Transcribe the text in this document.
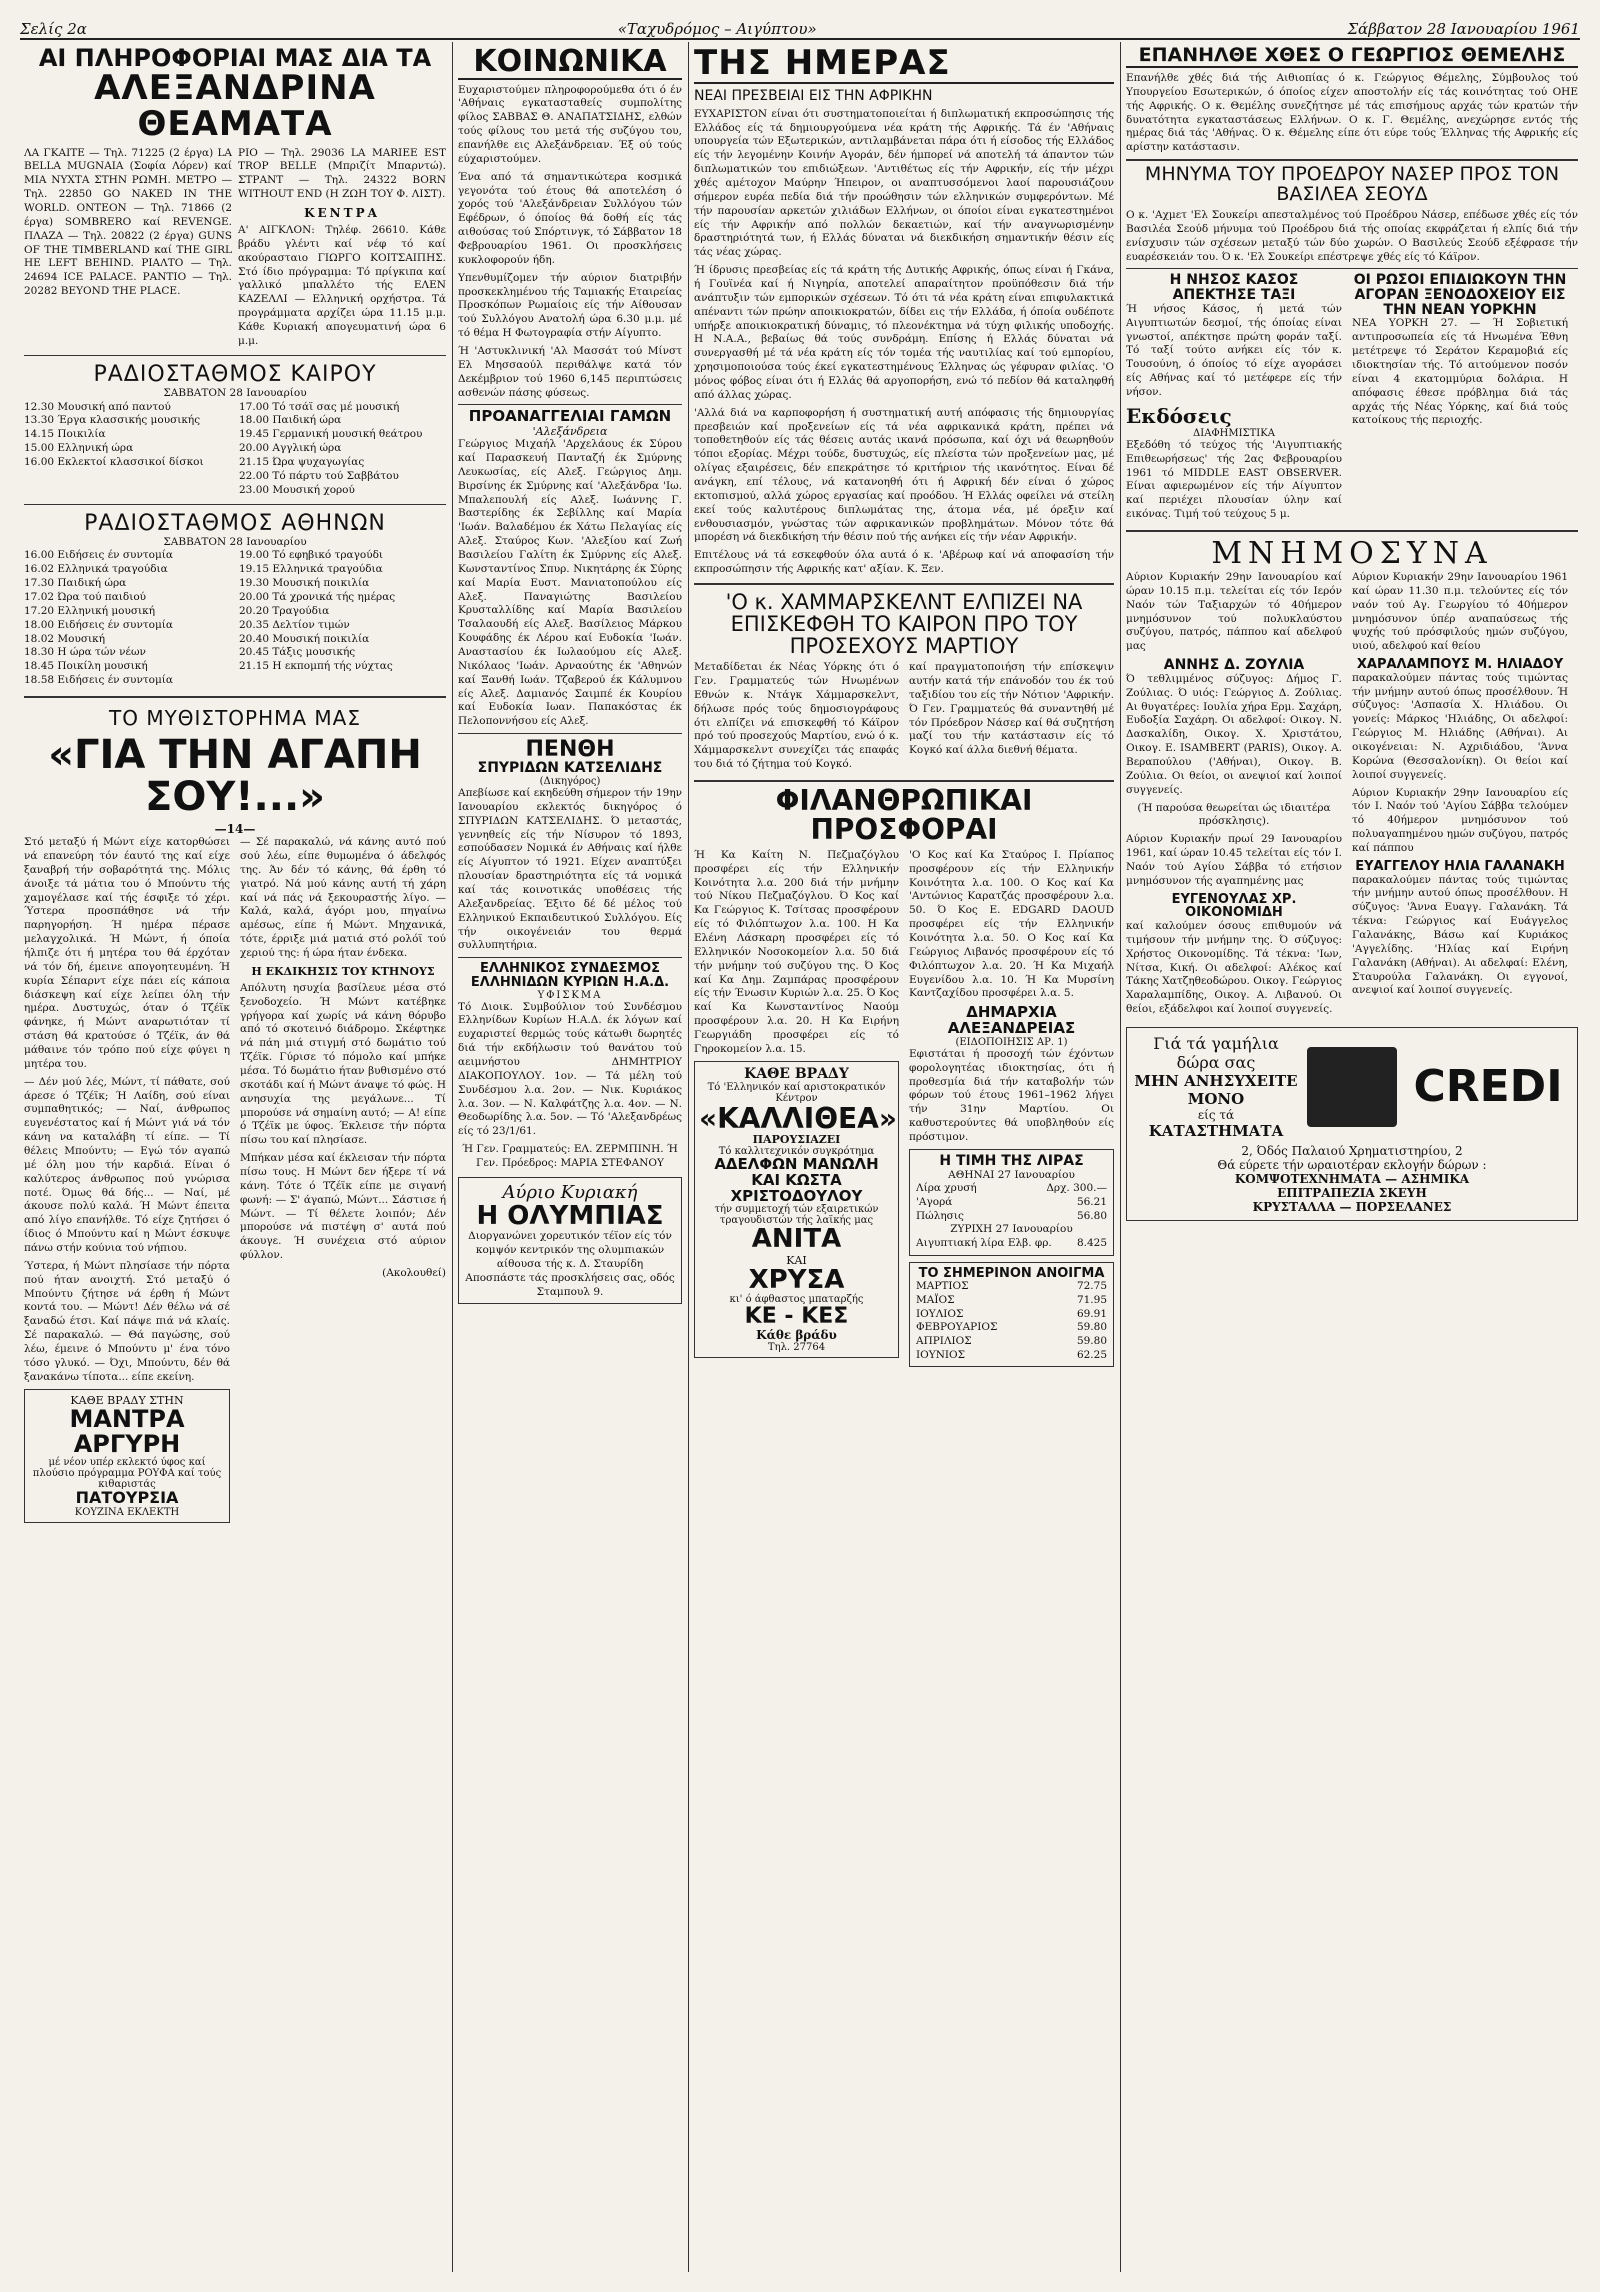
Σελίς 2α	«Ταχυδρόμος – Αιγύπτου»	Σάββατον 28 Ιανουαρίου 1961
ΑΙ ΠΛΗΡΟΦΟΡΙΑΙ ΜΑΣ ΔΙΑ ΤΑ
ΑΛΕΞΑΝΔΡΙΝΑ ΘΕΑΜΑΤΑ
ΛΑ ΓΚΑΙΤΕ — Τηλ. 71225 (2 έργα) LA BELLA MUGNAIA (Σοφία Λόρεν) καί ΜΙΑ ΝΥΧΤΑ ΣΤΗΝ ΡΩΜΗ. ΜΕΤΡΟ — Τηλ. 22850 GO NAKED IN THE WORLD. ΟΝΤΕΟΝ — Τηλ. 71866 (2 έργα) SOMBRERO καί REVENGE. ΠΛΑΖΑ — Τηλ. 20822 (2 έργα) GUNS OF THE TIMBERLAND καί THE GIRL HE LEFT BEHIND. ΡΙΑΛΤΟ — Τηλ. 24694 ICE PALACE. ΡΑΝΤΙΟ — Τηλ. 20282 BEYOND THE PLACE.
ΡΙΟ — Τηλ. 29036 LA MARIEE EST TROP BELLE (Μπριζίτ Μπαρντώ). ΣΤΡΑΝΤ — Τηλ. 24322 BORN WITHOUT END (Η ΖΩΗ ΤΟΥ Φ. ΛΙΣΤ).
ΚΕΝΤΡΑ
Α' ΑΙΓΚΛΟΝ: Τηλέφ. 26610. Κάθε βράδυ γλέντι καί νέφ τό καί ακούρασταιο ΓΙΩΡΓΟ ΚΟΙΤΣΑΙΠΗΣ. Στό ίδιο πρόγραμμα: Τό πρίγκιπα καί γαλλικό μπαλλέτο τής ΕΛΕΝ ΚΑΖΕΛΛΙ — Ελληνική ορχήστρα. Τά προγράμματα αρχίζει ώρα 11.15 μ.μ. Κάθε Κυριακή απογευματινή ώρα 6 μ.μ.
ΡΑΔΙΟΣΤΑΘΜΟΣ ΚΑΙΡΟΥ
ΣΑΒΒΑΤΟΝ 28 Ιανουαρίου
12.30 Μουσική από παντού
13.30 Έργα κλασσικής μουσικής
14.15 Ποικιλία
15.00 Ελληνική ώρα
16.00 Εκλεκτοί κλασσικοί δίσκοι
17.00 Τό τσάϊ σας μέ μουσική
18.00 Παιδική ώρα
19.45 Γερμανική μουσική θεάτρου
20.00 Αγγλική ώρα
21.15 Ώρα ψυχαγωγίας
22.00 Τό πάρτυ τού Σαββάτου
23.00 Μουσική χορού
ΡΑΔΙΟΣΤΑΘΜΟΣ ΑΘΗΝΩΝ
ΣΑΒΒΑΤΟΝ 28 Ιανουαρίου
16.00 Ειδήσεις έν συντομία
16.02 Ελληνικά τραγούδια
17.30 Παιδική ώρα
17.02 Ώρα τού παιδιού
17.20 Ελληνική μουσική
18.00 Ειδήσεις έν συντομία
18.02 Μουσική
18.30 Η ώρα τών νέων
18.45 Ποικίλη μουσική
18.58 Ειδήσεις έν συντομία
19.00 Τό εφηβικό τραγούδι
19.15 Ελληνικά τραγούδια
19.30 Μουσική ποικιλία
20.00 Τά χρονικά τής ημέρας
20.20 Τραγούδια
20.35 Δελτίον τιμών
20.40 Μουσική ποικιλία
20.45 Τάξις μουσικής
21.15 Η εκπομπή τής νύχτας
ΤΟ ΜΥΘΙΣΤΟΡΗΜΑ ΜΑΣ
«ΓΙΑ ΤΗΝ ΑΓΑΠΗ ΣΟΥ!...»
—14—

Στό μεταξύ ή Μώντ είχε κατορθώσει νά επανεύρη τόν έαυτό της καί είχε ξαναβρή τήν σοβαρότητά της. Μόλις άνοιξε τά μάτια του ό Μπούντυ τής χαμογέλασε καί τής έσφιξε τό χέρι. Ύστερα προσπάθησε νά τήν παρηγορήση. Ή ημέρα πέρασε μελαγχολικά. Ή Μώντ, ή όποία ήλπιζε ότι ή μητέρα του θά έρχόταν νά τόν δή, έμεινε απογοητευμένη. Ή κυρία Σέπαρντ είχε πάει είς κάποια διάσκεψη καί είχε λείπει όλη τήν ημέρα. Δυστυχώς, όταν ό Τζέϊκ φάνηκε, ή Μώντ αναρωτιόταν τί στάση θά κρατούσε ό Τζέϊκ, άν θά μάθαινε τόν τρόπο πού είχε φύγει η μητέρα του.

— Δέν μού λές, Μώντ, τί πάθατε, σού άρεσε ό Τζέϊκ; Ή Λαίδη, σού είναι συμπαθητικός; — Ναί, άνθρωπος ευγενέστατος καί ή Μώντ γιά νά τόν κάνη να καταλάβη τί είπε. — Τί θέλεις Μπούντυ; — Εγώ τόν αγαπώ μέ όλη μου τήν καρδιά. Είναι ό καλύτερος άνθρωπος πού γνώρισα ποτέ. Όμως θά δής... — Ναί, μέ άκουσε πολύ καλά. Ή Μώντ έπειτα από λίγο επανήλθε. Τό είχε ζητήσει ό ίδιος ό Μπούντυ καί η Μώντ έσκυψε πάνω στήν κούνια τού νήπιου.

Ύστερα, ή Μώντ πλησίασε τήν πόρτα πού ήταν ανοιχτή. Στό μεταξύ ό Μπούντυ ζήτησε νά έρθη ή Μώντ κοντά του. — Μώντ! Δέν θέλω νά σέ ξαναδώ έτσι. Καί πάψε πιά νά κλαίς. Σέ παρακαλώ. — Θά παγώσης, σού λέω, έμεινε ό Μπούντυ μ' ένα τόνο τόσο γλυκό. — Όχι, Μπούντυ, δέν θά ξανακάνω τίποτα... είπε εκείνη.

ΚΑΘΕ ΒΡΑΔΥ ΣΤΗΝ
ΜΑΝΤΡΑ ΑΡΓΥΡΗ
μέ νέον υπέρ εκλεκτό ύφος καί πλούσιο πρόγραμμα ΡΟΥΦΑ καί τούς κιθαριστάς
ΠΑΤΟΥΡΣΙΑ
ΚΟΥΖΙΝΑ ΕΚΛΕΚΤΗ

— Σέ παρακαλώ, νά κάνης αυτό πού σού λέω, είπε θυμωμένα ό άδελφός της. Άν δέν τό κάνης, θά έρθη τό γιατρό. Νά μού κάνης αυτή τή χάρη καί νά πάς νά ξεκουραστής λίγο. — Καλά, καλά, άγόρι μου, πηγαίνω αμέσως, είπε ή Μώντ. Μηχανικά, τότε, έρριξε μιά ματιά στό ρολόϊ τού χεριού της: ή ώρα ήταν ένδεκα.

Η ΕΚΔΙΚΗΣΙΣ ΤΟΥ ΚΤΗΝΟΥΣ

Απόλυτη ησυχία βασίλευε μέσα στό ξενοδοχείο. Ή Μώντ κατέβηκε γρήγορα καί χωρίς νά κάνη θόρυβο από τό σκοτεινό διάδρομο. Σκέφτηκε νά πάη μιά στιγμή στό δωμάτιο τού Τζέϊκ. Γύρισε τό πόμολο καί μπήκε μέσα. Τό δωμάτιο ήταν βυθισμένο στό σκοτάδι καί ή Μώντ άναψε τό φώς. Η ανησυχία της μεγάλωνε... Τί μπορούσε νά σημαίνη αυτό; — Α! είπε ό Τζέϊκ με ύφος. Έκλεισε τήν πόρτα πίσω του καί πλησίασε.

Μπήκαν μέσα καί έκλεισαν τήν πόρτα πίσω τους. Η Μώντ δεν ήξερε τί νά κάνη. Τότε ό Τζέϊκ είπε με σιγανή φωνή: — Σ' άγαπώ, Μώντ... Σάστισε ή Μώντ. — Τί θέλετε λοιπόν; Δέν μπορούσε νά πιστέψη σ' αυτά πού άκουγε. Ή συνέχεια στό αύριον φύλλον.

(Ακολουθεί)
ΚΟΙΝΩΝΙΚΑ

Ευχαριστούμεν πληροφορούμεθα ότι ό έν 'Αθήναις εγκατασταθείς συμπολίτης φίλος ΣΑΒΒΑΣ Θ. ΑΝΑΠΑΤΣΙΔΗΣ, ελθών τούς φίλους του μετά τής συζύγου του, επανήλθε εις Αλεξάνδρειαν. Έξ ού τούς εύχαριστούμεν.

Ένα από τά σημαντικώτερα κοσμικά γεγονότα τού έτους θά αποτελέση ό χορός τού 'Αλεξάνδρειαν Συλλόγου τών Εφέδρων, ό όποίος θά δοθή είς τάς αιθούσας τού Σπόρτινγκ, τό Σάββατον 18 Φεβρουαρίου 1961. Οι προσκλήσεις κυκλοφορούν ήδη.

Υπενθυμίζομεν τήν αύριον διατριβήν προσκεκλημένου τής Ταμιακής Εταιρείας Προσκόπων Ρωμαίοις είς τήν Αίθουσαν τού Συλλόγου Ανατολή ώρα 6.30 μ.μ. μέ τό θέμα Η Φωτογραφία στήν Αίγυπτο.

Ή 'Αστυκλινική 'Αλ Μασσάτ τού Μίνστ Ελ Μησσαούλ περιθάλψε κατά τόν Δεκέμβριον τού 1960 6,145 περιπτώσεις ασθενών πάσης φύσεως.

ΠΡΟΑΝΑΓΓΕΛΙΑΙ ΓΑΜΩΝ
'Αλεξάνδρεια

Γεώργιος Μιχαήλ 'Αρχελάους έκ Σύρου καί Παρασκευή Πανταζή έκ Σμύρνης Λευκωσίας, είς Αλεξ. Γεώργιος Δημ. Βιρσίνης έκ Σμύρνης καί 'Αλεξάνδρα 'Ιω. Μπαλεπουλή είς Αλεξ. Ιωάννης Γ. Βαστερίδης έκ Σεβίλλης καί Μαρία 'Ιωάν. Βαλαδέμου έκ Χάτω Πελαγίας είς Αλεξ. Σταύρος Κων. 'Αλεξίου καί Ζωή Βασιλείου Γαλίτη έκ Σμύρνης είς Αλεξ. Κωνσταντίνος Σπυρ. Νικητάρης έκ Σύρης καί Μαρία Ευστ. Μανιατοπούλου είς Αλεξ. Παναγιώτης Βασιλείου Κρυσταλλίδης καί Μαρία Βασιλείου Τσαλαουδή είς Αλεξ. Βασίλειος Μάρκου Κουφάδης έκ Λέρου καί Ευδοκία 'Ιωάν. Αναστασίου έκ Ιωλαούμου είς Αλεξ. Νικόλαος 'Ιωάν. Αρναούτης έκ 'Αθηνών καί Ξανθή Ιωάν. Τζαβερού έκ Κάλυμνου είς Αλεξ. Δαμιανός Σαιμπέ έκ Κουρίου καί Ευδοκία Ιωαν. Παπακόστας έκ Πελοποννήσου είς Αλεξ.

ΠΕΝΘΗ
ΣΠΥΡΙΔΩΝ ΚΑΤΣΕΛΙΔΗΣ
(Δικηγόρος)

Απεβίωσε καί εκηδεύθη σήμερον τήν 19ην Ιανουαρίου εκλεκτός δικηγόρος ό ΣΠΥΡΙΔΩΝ ΚΑΤΣΕΛΙΔΗΣ. Ό μεταστάς, γεννηθείς είς τήν Νίσυρον τό 1893, εσπούδασεν Νομικά έν Αθήναις καί ήλθε είς Αίγυπτον τό 1921. Είχεν αναπτύξει πλουσίαν δραστηριότητα είς τά νομικά καί τάς κοινοτικάς υποθέσεις τής Αλεξανδρείας. Έξιτο δέ δέ μέλος τού Ελληνικού Εκπαιδευτικού Συλλόγου. Είς τήν οικογένειάν του θερμά συλλυπητήρια.

ΕΛΛΗΝΙΚΟΣ ΣΥΝΔΕΣΜΟΣ ΕΛΛΗΝΙΔΩΝ ΚΥΡΙΩΝ Η.Α.Δ.
ΥΦΙΣΚΜΑ

Τό Διοικ. Συμβούλιον τού Συνδέσμου Ελληνίδων Κυρίων Η.Α.Δ. έκ λόγων καί ευχαριστεί θερμώς τούς κάτωθι δωρητές διά τήν εκδήλωσιν τού θανάτου τού αειμνήστου ΔΗΜΗΤΡΙΟΥ ΔΙΑΚΟΠΟΥΛΟΥ. 1ον. — Τά μέλη τού Συνδέσμου λ.α. 2ον. — Νικ. Κυριάκος λ.α. 3ον. — Ν. Καλφάτζης λ.α. 4ον. — Ν. Θεοδωρίδης λ.α. 5ον. — Τό 'Αλεξανδρέως είς τό 23/1/61.

Ή Γεν. Γραμματεύς: ΕΛ. ΖΕΡΜΠΙΝΗ. Ή Γεν. Πρόεδρος: ΜΑΡΙΑ ΣΤΕΦΑΝΟΥ

Αύριο Κυριακή
Η ΟΛΥΜΠΙΑΣ
Διοργανώνει χορευτικόν τέϊον είς τόν κομψόν κεντρικόν της ολυμπιακών αίθουσα τής κ. Δ. Σταυρίδη
Αποσπάστε τάς προσκλήσεις σας, οδός Σταμπουλ 9.
ΤΗΣ ΗΜΕΡΑΣ
ΝΕΑΙ ΠΡΕΣΒΕΙΑΙ ΕΙΣ ΤΗΝ ΑΦΡΙΚΗΝ

ΕΥΧΑΡΙΣΤΟΝ είναι ότι συστηματοποιείται ή διπλωματική εκπροσώπησις τής Ελλάδος είς τά δημιουργούμενα νέα κράτη τής Αφρικής. Τά έν 'Αθήναις υπουργεία τών Εξωτερικών, αντιλαμβάνεται πάρα ότι ή είσοδος τής Ελλάδος είς τήν λεγομένην Κοινήν Αγοράν, δέν ήμπορεί νά αποτελή τά άπαντον τών διπλωματικών του επιδιώξεων. 'Αντιθέτως είς τήν Αφρικήν, είς τήν μέχρι χθές αμέτοχον Μαύρην Ήπειρον, οι αναπτυσσόμενοι λαοί παρουσιάζουν σήμερον ευρέα πεδία διά τήν προώθησιν τών ελληνικών συμφερόντων. Μέ τήν παρουσίαν αρκετών χιλιάδων Ελλήνων, οι όποίοι είναι εγκατεστημένοι είς τήν Αφρικήν από πολλών δεκαετιών, καί τήν αναγνωρισμένην δραστηριότητά των, ή Ελλάς δύναται νά διεκδικήση σημαντικήν θέσιν είς τάς νέας χώρας.

Ή ίδρυσις πρεσβείας είς τά κράτη τής Δυτικής Αφρικής, όπως είναι ή Γκάνα, ή Γουϊνέα καί ή Νιγηρία, αποτελεί απαραίτητον προϋπόθεσιν διά τήν ανάπτυξιν τών εμπορικών σχέσεων. Τό ότι τά νέα κράτη είναι επιφυλακτικά απέναντι τών πρώην αποικιοκρατών, δίδει εις τήν Ελλάδα, ή όποία ουδέποτε υπήρξε αποικιοκρατική δύναμις, τό πλεονέκτημα νά τύχη φιλικής υποδοχής. Η Ν.Α.Α., βεβαίως θά τούς συνδράμη. Επίσης ή Ελλάς δύναται νά συνεργασθή μέ τά νέα κράτη είς τόν τομέα τής ναυτιλίας καί τού εμπορίου, χρησιμοποιούσα τούς έκεί εγκατεστημένους Έλληνας ώς γέφυραν φιλίας. 'Ο μόνος φόβος είναι ότι ή Ελλάς θά αργοπορήση, ενώ τό πεδίον θά καταληφθή από άλλας χώρας.

'Αλλά διά να καρποφορήση ή συστηματική αυτή απόφασις τής δημιουργίας πρεσβειών καί προξενείων είς τά νέα αφρικανικά κράτη, πρέπει νά τοποθετηθούν είς τάς θέσεις αυτάς ικανά πρόσωπα, καί όχι νά θεωρηθούν τόποι εξορίας. Μέχρι τούδε, δυστυχώς, είς πλείστα τών προξενείων μας, μέ ολίγας εξαιρέσεις, δέν επεκράτησε τό κριτήριον τής ικανότητος. Είναι δέ ανάγκη, επί τέλους, νά κατανοηθή ότι ή Αφρική δέν είναι ό χώρος εκτοπισμού, αλλά χώρος εργασίας καί προόδου. Ή Ελλάς οφείλει νά στείλη εκεί τούς καλυτέρους διπλωμάτας της, άτομα νέα, μέ όρεξιν καί ενθουσιασμόν, γνώστας τών αφρικανικών προβλημάτων. Μόνον τότε θά μπορέση νά διεκδικήση τήν θέσιν πού τής ανήκει είς τήν νέαν Αφρικήν.

Επιτέλους νά τά εσκεφθούν όλα αυτά ό κ. 'Αβέρωφ καί νά αποφασίση τήν εκπροσώπησιν τής Αφρικής κατ' αξίαν. Κ. Ξεν.

'Ο κ. ΧΑΜΜΑΡΣΚΕΛΝΤ ΕΛΠΙΖΕΙ ΝΑ ΕΠΙΣΚΕΦΘΗ ΤΟ ΚΑΙΡΟΝ ΠΡΟ ΤΟΥ ΠΡΟΣΕΧΟΥΣ ΜΑΡΤΙΟΥ

Μεταδίδεται έκ Νέας Υόρκης ότι ό Γεν. Γραμματεύς τών Ηνωμένων Εθνών κ. Ντάγκ Χάμμαρσκελντ, δήλωσε πρός τούς δημοσιογράφους ότι ελπίζει νά επισκεφθή τό Κάϊρον πρό τού προσεχούς Μαρτίου, ενώ ό κ. Χάμμαρσκελντ συνεχίζει τάς επαφάς του διά τό ζήτημα τού Κογκό.

καί πραγματοποιήση τήν επίσκεψιν αυτήν κατά τήν επάνοδόν του έκ τού ταξιδίου του είς τήν Νότιον 'Αφρικήν. Ό Γεν. Γραμματεύς θά συναντηθή μέ τόν Πρόεδρον Νάσερ καί θά συζητήση μαζί του τήν κατάστασιν είς τό Κογκό καί άλλα διεθνή θέματα.

ΦΙΛΑΝΘΡΩΠΙΚΑΙ ΠΡΟΣΦΟΡΑΙ

Ή Κα Καίτη Ν. Πεζμαζόγλου προσφέρει είς τήν Ελληνικήν Κοινότητα λ.α. 200 διά τήν μνήμην τού Νίκου Πεζμαζόγλου. Ό Κος καί Κα Γεώργιος Κ. Τσίτσας προσφέρουν είς τό Φιλόπτωχον λ.α. 100. Η Κα Ελένη Λάσκαρη προσφέρει είς τό Ελληνικόν Νοσοκομείον λ.α. 50 διά τήν μνήμην τού συζύγου της. Ό Κος καί Κα Δημ. Ζαμπάρας προσφέρουν είς τήν Ένωσιν Κυριών λ.α. 25. Ό Κος καί Κα Κωνσταντίνος Ναούμ προσφέρουν λ.α. 20. Η Κα Ειρήνη Γεωργιάδη προσφέρει είς τό Γηροκομείον λ.α. 15.

ΚΑΘΕ ΒΡΑΔΥ
Τό 'Ελληνικόν καί αριστοκρατικόν Κέντρον
«ΚΑΛΛΙΘΕΑ»
ΠΑΡΟΥΣΙΑΖΕΙ
Τό καλλιτεχνικόν συγκρότημα
ΑΔΕΛΦΩΝ ΜΑΝΩΛΗ ΚΑΙ ΚΩΣΤΑ ΧΡΙΣΤΟΔΟΥΛΟΥ
τήν συμμετοχή τών εξαιρετικών τραγουδιστών τής λαϊκής μας
ΑΝΙΤΑ
ΚΑΙ
ΧΡΥΣΑ
κι' ό άφθαστος μπαταρζής
ΚΕ - ΚΕΣ
Κάθε βράδυ
Τηλ. 27764

'Ο Κος καί Κα Σταύρος Ι. Πρίαπος προσφέρουν είς τήν Ελληνικήν Κοινότητα λ.α. 100. Ο Κος καί Κα 'Αντώνιος Καρατζάς προσφέρουν λ.α. 50. Ό Κος E. EDGARD DAOUD προσφέρει είς τήν Ελληνικήν Κοινότητα λ.α. 50. Ο Κος καί Κα Γεώργιος Λιβανός προσφέρουν είς τό Φιλόπτωχον λ.α. 20. Ή Κα Μιχαήλ Ευγενίδου λ.α. 10. Ή Κα Μυρσίνη Καντζαχίδου προσφέρει λ.α. 5.

ΔΗΜΑΡΧΙΑ ΑΛΕΞΑΝΔΡΕΙΑΣ
(ΕΙΔΟΠΟΙΗΣΙΣ ΑΡ. 1)

Εφιστάται ή προσοχή τών έχόντων φορολογητέας ιδιοκτησίας, ότι ή προθεσμία διά τήν καταβολήν τών φόρων τού έτους 1961–1962 λήγει τήν 31ην Μαρτίου. Οι καθυστερούντες θά υποβληθούν είς πρόστιμον.

Η ΤΙΜΗ ΤΗΣ ΛΙΡΑΣ
ΑΘΗΝΑΙ 27 Ιανουαρίου
Λίρα χρυσή	Δρχ. 300.—
'Αγορά	56.21
Πώλησις	56.80
ΖΥΡΙΧΗ 27 Ιανουαρίου
Αιγυπτιακή λίρα Ελβ. φρ.	8.425
ΤΟ ΣΗΜΕΡΙΝΟΝ ΑΝΟΙΓΜΑ
ΜΑΡΤΙΟΣ	72.75
ΜΑΪΟΣ	71.95
ΙΟΥΛΙΟΣ	69.91
ΦΕΒΡΟΥΑΡΙΟΣ	59.80
ΑΠΡΙΛΙΟΣ	59.80
ΙΟΥΝΙΟΣ	62.25
ΕΠΑΝΗΛΘΕ ΧΘΕΣ Ο ΓΕΩΡΓΙΟΣ ΘΕΜΕΛΗΣ

Επανήλθε χθές διά τής Αιθιοπίας ό κ. Γεώργιος Θέμελης, Σύμβουλος τού Υπουργείου Εσωτερικών, ό όποίος είχεν αποστολήν είς τάς κοινότητας τού ΟΗΕ τής Αφρικής. Ο κ. Θεμέλης συνεζήτησε μέ τάς επισήμους αρχάς τών κρατών τήν δυνατότητα εγκαταστάσεως Ελλήνων. Ο κ. Γ. Θεμέλης, ανεχώρησε εντός τής ημέρας διά τάς 'Αθήνας. Ό κ. Θέμελης είπε ότι εύρε τούς Έλληνας τής Αφρικής είς αρίστην κατάστασιν.

ΜΗΝΥΜΑ ΤΟΥ ΠΡΟΕΔΡΟΥ ΝΑΣΕΡ ΠΡΟΣ ΤΟΝ ΒΑΣΙΛΕΑ ΣΕΟΥΔ

Ο κ. 'Αχμετ 'Ελ Σουκείρι απεσταλμένος τού Προέδρου Νάσερ, επέδωσε χθές είς τόν Βασιλέα Σεούδ μήνυμα τού Προέδρου διά τής οποίας εκφράζεται ή ελπίς διά τήν ενίσχυσιν τών σχέσεων μεταξύ τών δύο χωρών. Ο Βασιλεύς Σεούδ εξέφρασε τήν ευαρέσκειάν του. Ό κ. 'Ελ Σουκείρι επέστρεψε χθές είς τό Κάϊρον.

Η ΝΗΣΟΣ ΚΑΣΟΣ ΑΠΕΚΤΗΣΕ ΤΑΞΙ

Ή νήσος Κάσος, ή μετά τών Αιγυπτιωτών δεσμοί, τής όποίας είναι γνωστοί, απέκτησε πρώτη φοράν ταξί. Τό ταξί τούτο ανήκει είς τόν κ. Τουσούνη, ό όποίος τό είχε αγοράσει είς Αθήνας καί τό μετέφερε είς τήν νήσον.

Εκδόσεις
ΔΙΑΦΗΜΙΣΤΙΚΑ

Εξεδόθη τό τεύχος τής 'Αιγυπτιακής Επιθεωρήσεως' τής 2ας Φεβρουαρίου 1961 τό MIDDLE EAST OBSERVER. Είναι αφιερωμένον είς τήν Αίγυπτον καί περιέχει πλουσίαν ύλην καί εικόνας. Τιμή τού τεύχους 5 μ.

ΟΙ ΡΩΣΟΙ ΕΠΙΔΙΩΚΟΥΝ ΤΗΝ ΑΓΟΡΑΝ ΞΕΝΟΔΟΧΕΙΟΥ ΕΙΣ ΤΗΝ ΝΕΑΝ ΥΟΡΚΗΝ

ΝΕΑ ΥΟΡΚΗ 27. — Ή Σοβιετική αντιπροσωπεία είς τά Ηνωμένα Έθνη μετέτρεψε τό Σεράτον Κεραμοβιά είς ιδιοκτησίαν τής. Τό αιτούμενον ποσόν είναι 4 εκατομμύρια δολάρια. Η απόφασις έθεσε πρόβλημα διά τάς αρχάς τής Νέας Υόρκης, καί διά τούς κατοίκους τής περιοχής.

ΜΝΗΜΟΣΥΝΑ

Αύριον Κυριακήν 29ην Ιανουαρίου καί ώραν 10.15 π.μ. τελείται είς τόν Ιερόν Ναόν τών Ταξιαρχών τό 40ήμερον μνημόσυνον τού πολυκλαύστου συζύγου, πατρός, πάππου καί αδελφού μας

ΑΝΝΗΣ Δ. ΖΟΥΛΙΑ

Ό τεθλιμμένος σύζυγος: Δήμος Γ. Ζούλιας. Ό υιός: Γεώργιος Δ. Ζούλιας. Αι θυγατέρες: Ιουλία χήρα Ερμ. Σαχάρη, Ευδοξία Σαχάρη. Οι αδελφοί: Οικογ. Ν. Δασκαλίδη, Οικογ. Χ. Χριστάτου, Οικογ. Ε. ISAMBERT (PARIS), Οικογ. Α. Βεραπούλου ('Αθήναι), Οικογ. Β. Ζούλια. Οι θείοι, οι ανεψιοί καί λοιποί συγγενείς.

(Ή παρούσα θεωρείται ώς ιδιαιτέρα πρόσκλησις).

Αύριον Κυριακήν πρωί 29 Ιανουαρίου 1961, καί ώραν 10.45 τελείται είς τόν Ι. Ναόν τού Αγίου Σάββα τό ετήσιον μνημόσυνον τής αγαπημένης μας

ΕΥΓΕΝΟΥΛΑΣ ΧΡ. ΟΙΚΟΝΟΜΙΔΗ

καί καλούμεν όσους επιθυμούν νά τιμήσουν τήν μνήμην της. Ό σύζυγος: Χρήστος Οικονομίδης. Τά τέκνα: 'Ιων, Νίτσα, Κική. Οι αδελφοί: Αλέκος καί Τάκης Χατζηθεοδώρου. Οικογ. Γεώργιος Χαραλαμπίδης, Οικογ. Α. Λιβανού. Οι θείοι, εξάδελφοι καί λοιποί συγγενείς.

Αύριον Κυριακήν 29ην Ιανουαρίου 1961 καί ώραν 11.30 π.μ. τελούντες είς τόν ναόν τού Αγ. Γεωργίου τό 40ήμερον μνημόσυνον ύπέρ αναπαύσεως τής ψυχής τού πρόσφιλούς ημών συζύγου, υιού, αδελφού καί θείου

ΧΑΡΑΛΑΜΠΟΥΣ Μ. ΗΛΙΑΔΟΥ

παρακαλούμεν πάντας τούς τιμώντας τήν μνήμην αυτού όπως προσέλθουν. Ή σύζυγος: 'Ασπασία Χ. Ηλιάδου. Οι γονείς: Μάρκος 'Ηλιάδης, Οι αδελφοί: Γεώργιος Μ. Ηλιάδης (Αθήναι). Αι οικογένειαι: Ν. Αχριδιάδου, 'Άννα Κορώνα (Θεσσαλονίκη). Οι θείοι καί λοιποί συγγενείς.

Αύριον Κυριακήν 29ην Ιανουαρίου είς τόν Ι. Ναόν τού 'Αγίου Σάββα τελούμεν τό 40ήμερον μνημόσυνον τού πολυαγαπημένου ημών συζύγου, πατρός καί πάππου

ΕΥΑΓΓΕΛΟΥ ΗΛΙΑ ΓΑΛΑΝΑΚΗ

παρακαλούμεν πάντας τούς τιμώντας τήν μνήμην αυτού όπως προσέλθουν. Η σύζυγος: 'Άννα Ευαγγ. Γαλανάκη. Τά τέκνα: Γεώργιος καί Ευάγγελος Γαλανάκης, Βάσω καί Κυριάκος 'Αγγελίδης. 'Ηλίας καί Ειρήνη Γαλανάκη (Αθήναι). Αι αδελφαί: Ελένη, Σταυρούλα Γαλανάκη. Οι εγγονοί, ανεψιοί καί λοιποί συγγενείς.

Γιά τά γαμήλια δώρα σας
ΜΗΝ ΑΝΗΣΥΧΕΙΤΕ
ΜΟΝΟ
είς τά
ΚΑΤΑΣΤΗΜΑΤΑ
CREDI
2, Όδός Παλαιού Χρηματιστηρίου, 2
Θά εύρετε τήν ωραιοτέραν εκλογήν δώρων :
ΚΟΜΨΟΤΕΧΝΗΜΑΤΑ — ΑΣΗΜΙΚΑ
ΕΠΙΤΡΑΠΕΖΙΑ ΣΚΕΥΗ
ΚΡΥΣΤΑΛΛΑ — ΠΟΡΣΕΛΑΝΕΣ
